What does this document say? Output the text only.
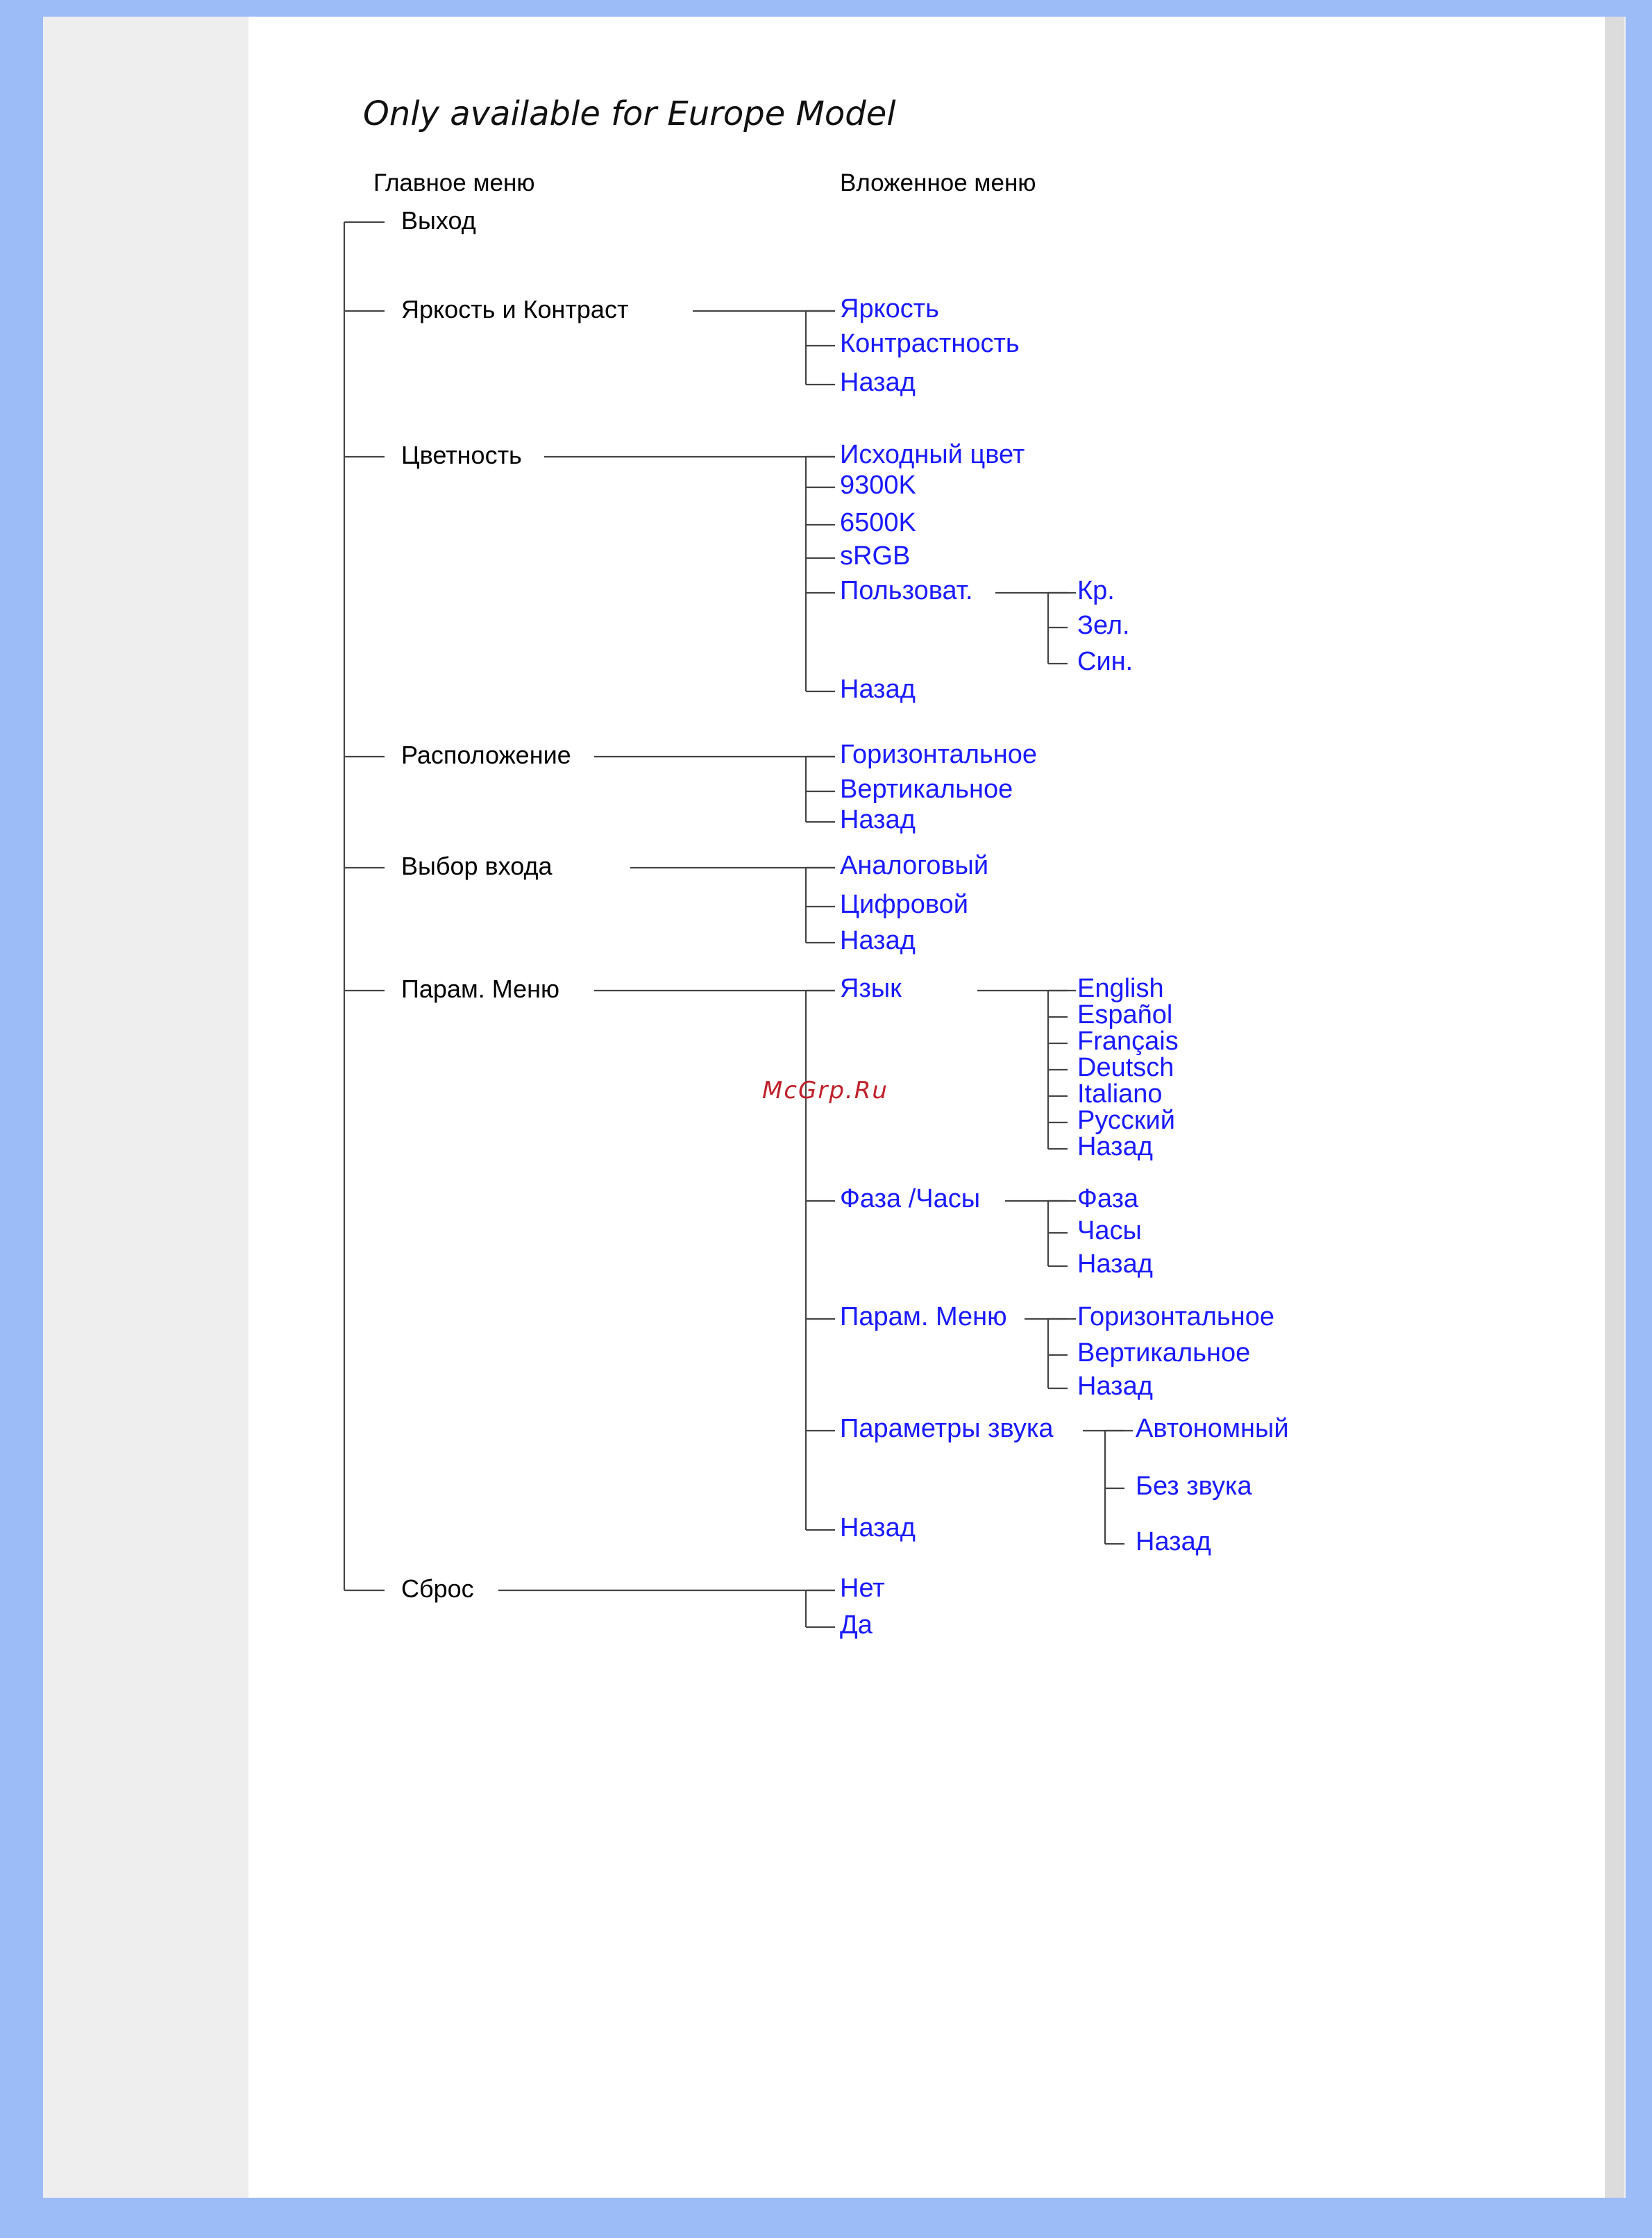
Only available for Europe Model
Главное меню	Вложенное меню
Выход
Яркость и Контраст	Яркость
Контрастность
Назад
Цветность	Исходный цвет
9300K
6500K
sRGB
Пользоват.	Кр.
Зел.
Син.
Назад
Расположение	Горизонтальное
Вертикальное
Назад
Выбор входа	Аналоговый
Цифровой
Назад
Парам. Меню	Язык	English
Español
Français
Deutsch
Italiano
Русский
Назад
Фаза /Часы	Фаза
Часы
Назад
Парам. Меню	Горизонтальное
Вертикальное
Назад
Параметры звука	Автономный
Без звука
Назад
Назад
Сброс	Нет
Да
McGrp.Ru
